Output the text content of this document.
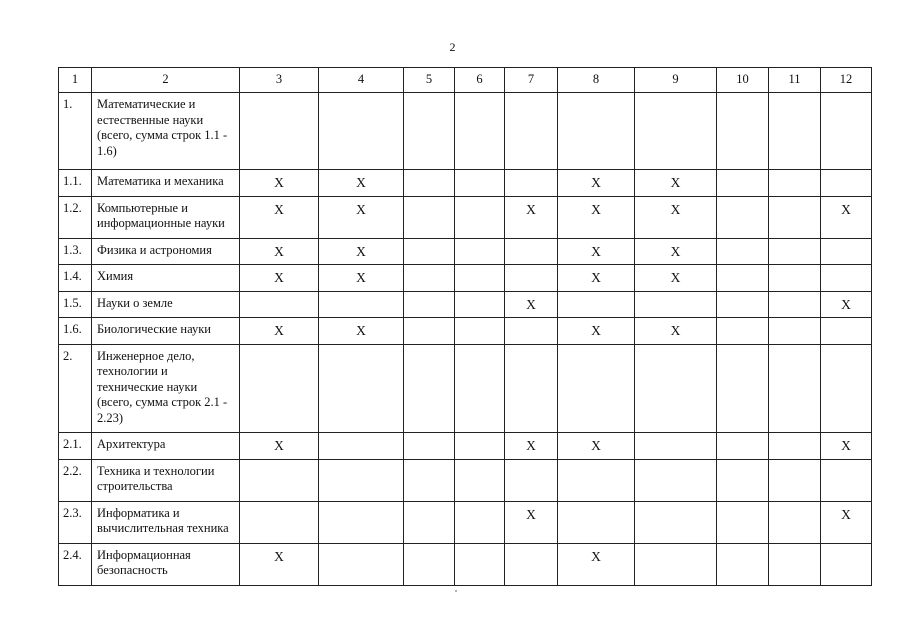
2
1	2	3	4	5	6	7	8	9	10	11	12
1.	Математические и естественные науки (всего, сумма строк 1.1 - 1.6)										
1.1.	Математика и механика	X	X				X	X			
1.2.	Компьютерные и информационные науки	X	X			X	X	X			X
1.3.	Физика и астрономия	X	X				X	X			
1.4.	Химия	X	X				X	X			
1.5.	Науки о земле					X					X
1.6.	Биологические науки	X	X				X	X			
2.	Инженерное дело, технологии и технические науки (всего, сумма строк 2.1 - 2.23)										
2.1.	Архитектура	X				X	X				X
2.2.	Техника и технологии строительства										
2.3.	Информатика и вычислительная техника					X					X
2.4.	Информационная безопасность	X					X				
